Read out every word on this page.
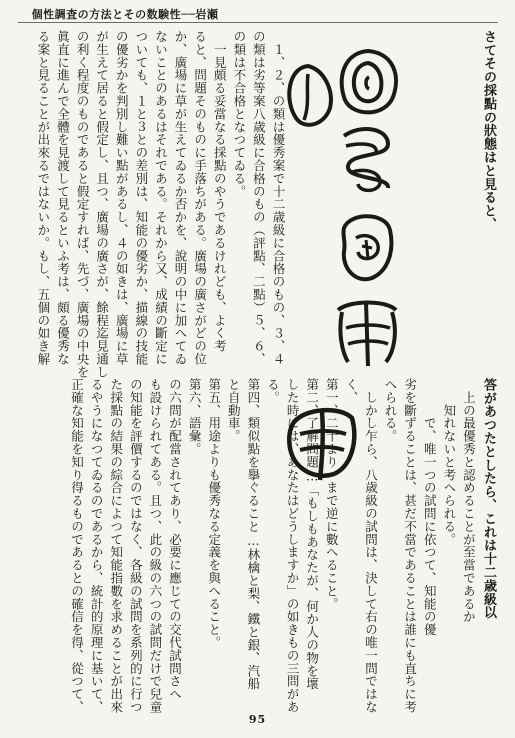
個性調査の方法とその数験性──岩瀬
さてその採點の狀態はと見ると、
　１、２、の類は優秀案で十二歳級に合格のもの、３、４
の類は劣等案八歳級に合格のもの（評點、二點）５、６、
の類は不合格となつてゐる。
　一見頗る妥當なる採點のやうであるけれども、よく考
ると、問題そのものに手落ちがある。廣場の廣さがどの位
か、廣場に草が生えてゐるか否かを、說明の中に加へてゐ
ないことのあるはそれである。それから又、成績の斷定に
ついても、１と３との差別は、知能の優劣か、描線の技能
の優劣かを判別し難い點があるし、４の如きは、廣場に草
が生えて居ると假定し、且つ、廣場の廣さが、餘程迄見通し
の利く程度のものであると假定すれば、先づ、廣場の中央を
眞直に進んで全體を見渡して見るといふ考は、頗る優秀な
る案と見ることが出來るではないか。もし、五個の如き解
答があつたとしたら、これは十二歳級以
　上の最優秀と認めることが至當であるか
　　知れないと考へられる。
　　　で、唯一つの試問に依つて、知能の優
劣を斷ずることは、甚だ不當であることは誰にも直ちに考
へられる。
　しかし乍ら、八歳級の試問は、決して右の唯一問ではな
く、
第一、二十より一まで逆に數へること。
第二、了解問題…「もしもあなたが、何か人の物を壞
した時には、あなたはどうしますか」の如きもの三問があ
る。
第四、類似點を擧ぐること…林檎と梨、鐵と銀、汽船
と自動車。
第五、用途よりも優秀なる定義を與へること。
第六、語彙。
の六問が配當されてあり、必要に應じての交代試問さへ
も設けられてある。且つ、此の級の六つの試問だけで兒童
の知能を評價するのではなく、各級の試問を系列的に行つ
た採點の結果の綜合によつて知能指數を求めることが出來
るやうになつてゐるのであるから、統計的原理に基いて、
正確な知能を知り得るものであるとの確信を得、從つて、
95
